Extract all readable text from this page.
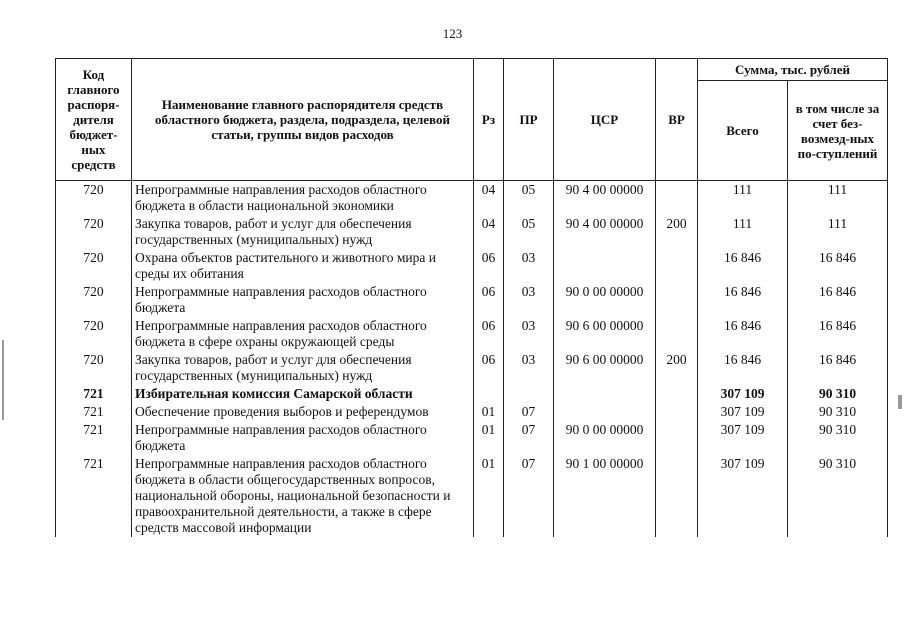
123
Код главного распоря-дителя бюджет-ных средств	Наименование главного распорядителя средств областного бюджета, раздела, подраздела, целевой статьи, группы видов расходов	Рз	ПР	ЦСР	ВР	Сумма, тыс. рублей	
						Всего	в том числе за счет без-возмезд-ных по-ступлений
720	Непрограммные направления расходов областного бюджета в области национальной экономики	04	05	90 4 00 00000		111	111
720	Закупка товаров, работ и услуг для обеспечения государственных (муниципальных) нужд	04	05	90 4 00 00000	200	111	111
720	Охрана объектов растительного и животного мира и среды их обитания	06	03			16 846	16 846
720	Непрограммные направления расходов областного бюджета	06	03	90 0 00 00000		16 846	16 846
720	Непрограммные направления расходов областного бюджета в сфере охраны окружающей среды	06	03	90 6 00 00000		16 846	16 846
720	Закупка товаров, работ и услуг для обеспечения государственных (муниципальных) нужд	06	03	90 6 00 00000	200	16 846	16 846
721	Избирательная комиссия Самарской области					307 109	90 310
721	Обеспечение проведения выборов и референдумов	01	07			307 109	90 310
721	Непрограммные направления расходов областного бюджета	01	07	90 0 00 00000		307 109	90 310
721	Непрограммные направления расходов областного бюджета в области общегосударственных вопросов, национальной обороны, национальной безопасности и правоохранительной деятельности, а также в сфере средств массовой информации	01	07	90 1 00 00000		307 109	90 310
